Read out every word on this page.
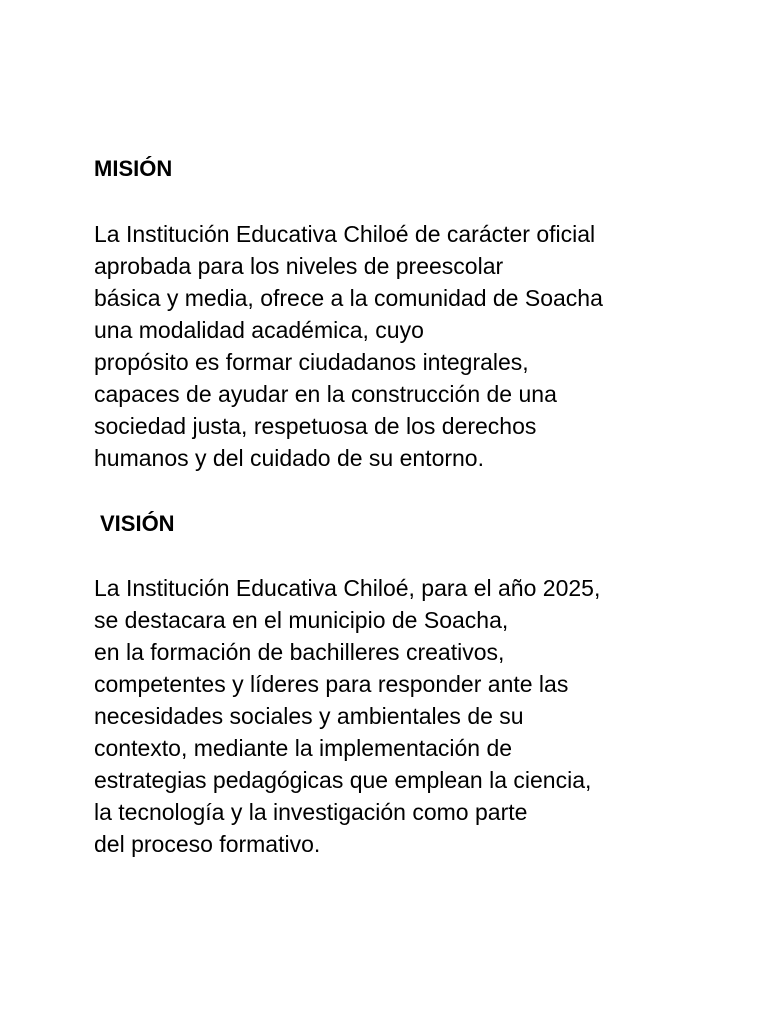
MISIÓN

La Institución Educativa Chiloé de carácter oficial
aprobada para los niveles de preescolar
básica y media, ofrece a la comunidad de Soacha
una modalidad académica, cuyo
propósito es formar ciudadanos integrales,
capaces de ayudar en la construcción de una
sociedad justa, respetuosa de los derechos
humanos y del cuidado de su entorno.

VISIÓN

La Institución Educativa Chiloé, para el año 2025,
se destacara en el municipio de Soacha,
en la formación de bachilleres creativos,
competentes y líderes para responder ante las
necesidades sociales y ambientales de su
contexto, mediante la implementación de
estrategias pedagógicas que emplean la ciencia,
la tecnología y la investigación como parte
del proceso formativo.
